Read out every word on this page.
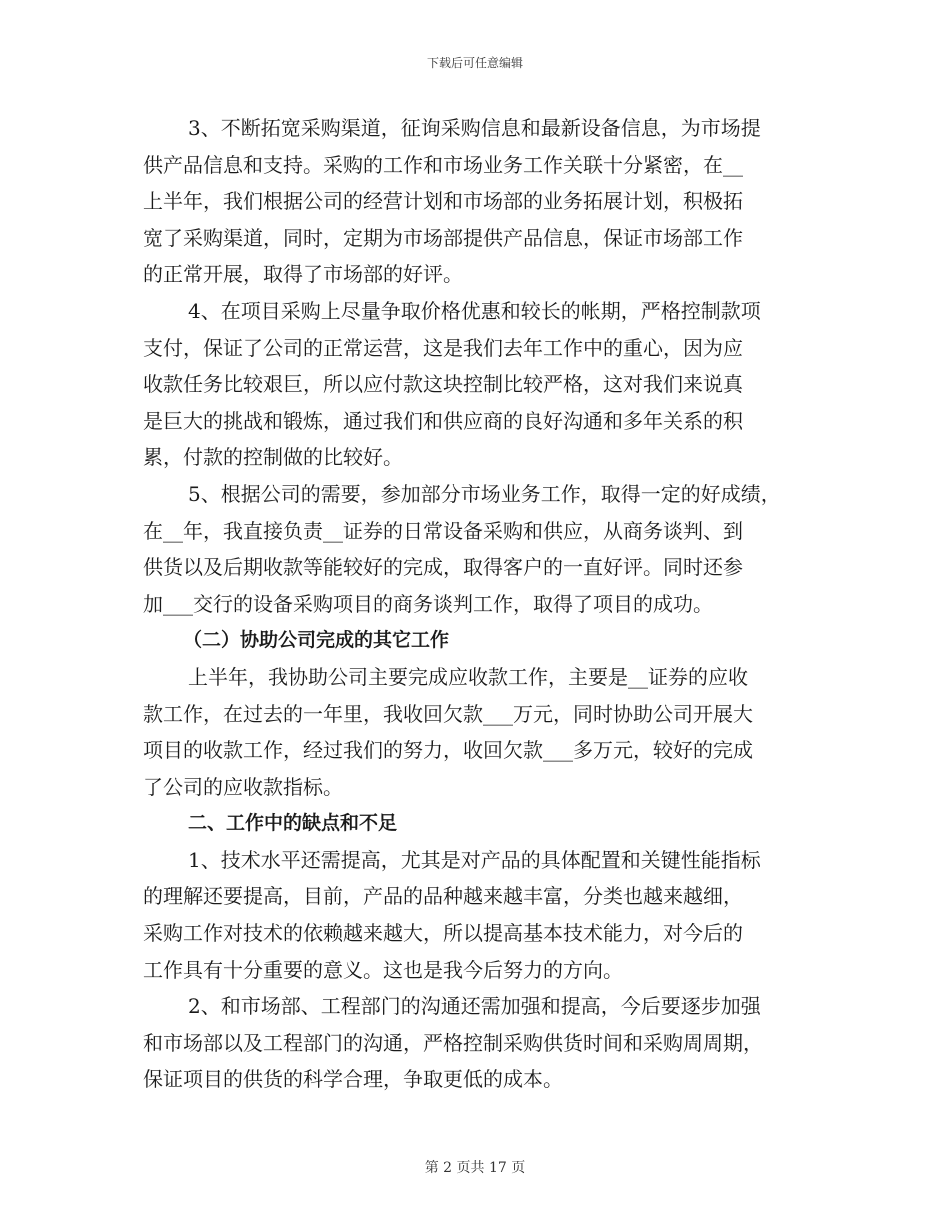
下载后可任意编辑
3、不断拓宽采购渠道，征询采购信息和最新设备信息，为市场提
供产品信息和支持。采购的工作和市场业务工作关联十分紧密，在__
上半年，我们根据公司的经营计划和市场部的业务拓展计划，积极拓
宽了采购渠道，同时，定期为市场部提供产品信息，保证市场部工作
的正常开展，取得了市场部的好评。
4、在项目采购上尽量争取价格优惠和较长的帐期，严格控制款项
支付，保证了公司的正常运营，这是我们去年工作中的重心，因为应
收款任务比较艰巨，所以应付款这块控制比较严格，这对我们来说真
是巨大的挑战和锻炼，通过我们和供应商的良好沟通和多年关系的积
累，付款的控制做的比较好。
5、根据公司的需要，参加部分市场业务工作，取得一定的好成绩，
在__年，我直接负责__证券的日常设备采购和供应，从商务谈判、到
供货以及后期收款等能较好的完成，取得客户的一直好评。同时还参
加___交行的设备采购项目的商务谈判工作，取得了项目的成功。
（二）协助公司完成的其它工作
上半年，我协助公司主要完成应收款工作，主要是__证券的应收
款工作，在过去的一年里，我收回欠款___万元，同时协助公司开展大
项目的收款工作，经过我们的努力，收回欠款___多万元，较好的完成
了公司的应收款指标。
二、工作中的缺点和不足
1、技术水平还需提高，尤其是对产品的具体配置和关键性能指标
的理解还要提高，目前，产品的品种越来越丰富，分类也越来越细，
采购工作对技术的依赖越来越大，所以提高基本技术能力，对今后的
工作具有十分重要的意义。这也是我今后努力的方向。
2、和市场部、工程部门的沟通还需加强和提高，今后要逐步加强
和市场部以及工程部门的沟通，严格控制采购供货时间和采购周周期，
保证项目的供货的科学合理，争取更低的成本。
第 2 页共 17 页
